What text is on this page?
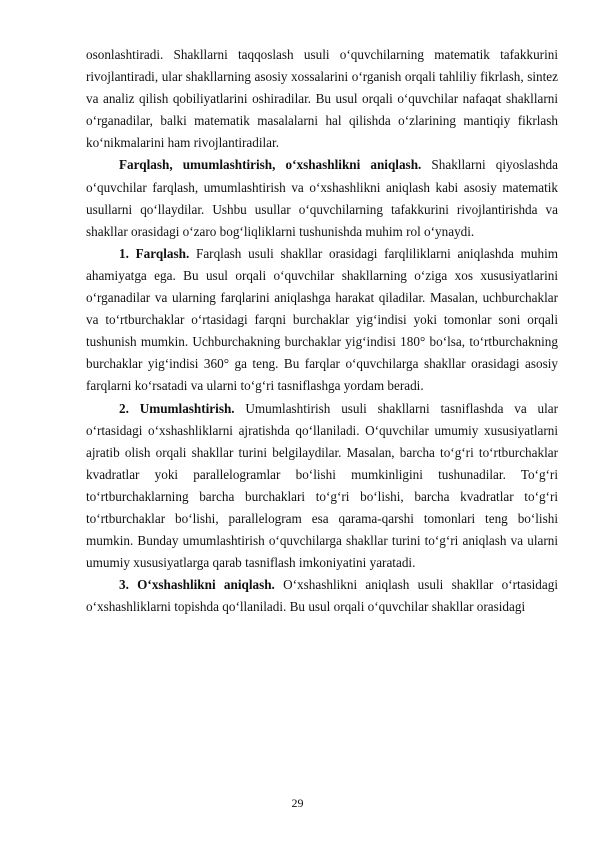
osonlashtiradi. Shakllarni taqqoslash usuli o‘quvchilarning matematik tafakkurini rivojlantiradi, ular shakllarning asosiy xossalarini o‘rganish orqali tahliliy fikrlash, sintez va analiz qilish qobiliyatlarini oshiradilar. Bu usul orqali o‘quvchilar nafaqat shakllarni o‘rganadilar, balki matematik masalalarni hal qilishda o‘zlarining mantiqiy fikrlash ko‘nikmalarini ham rivojlantiradilar.

Farqlash, umumlashtirish, o‘xshashlikni aniqlash. Shakllarni qiyoslashda o‘quvchilar farqlash, umumlashtirish va o‘xshashlikni aniqlash kabi asosiy matematik usullarni qo‘llaydilar. Ushbu usullar o‘quvchilarning tafakkurini rivojlantirishda va shakllar orasidagi o‘zaro bog‘liqliklarni tushunishda muhim rol o‘ynaydi.

1. Farqlash. Farqlash usuli shakllar orasidagi farqliliklarni aniqlashda muhim ahamiyatga ega. Bu usul orqali o‘quvchilar shakllarning o‘ziga xos xususiyatlarini o‘rganadilar va ularning farqlarini aniqlashga harakat qiladilar. Masalan, uchburchaklar va to‘rtburchaklar o‘rtasidagi farqni burchaklar yig‘indisi yoki tomonlar soni orqali tushunish mumkin. Uchburchakning burchaklar yig‘indisi 180° bo‘lsa, to‘rtburchakning burchaklar yig‘indisi 360° ga teng. Bu farqlar o‘quvchilarga shakllar orasidagi asosiy farqlarni ko‘rsatadi va ularni to‘g‘ri tasniflashga yordam beradi.

2. Umumlashtirish. Umumlashtirish usuli shakllarni tasniflashda va ular o‘rtasidagi o‘xshashliklarni ajratishda qo‘llaniladi. O‘quvchilar umumiy xususiyatlarni ajratib olish orqali shakllar turini belgilaydilar. Masalan, barcha to‘g‘ri to‘rtburchaklar kvadratlar yoki parallelogramlar bo‘lishi mumkinligini tushunadilar. To‘g‘ri to‘rtburchaklarning barcha burchaklari to‘g‘ri bo‘lishi, barcha kvadratlar to‘g‘ri to‘rtburchaklar bo‘lishi, parallelogram esa qarama-qarshi tomonlari teng bo‘lishi mumkin. Bunday umumlashtirish o‘quvchilarga shakllar turini to‘g‘ri aniqlash va ularni umumiy xususiyatlarga qarab tasniflash imkoniyatini yaratadi.

3. O‘xshashlikni aniqlash. O‘xshashlikni aniqlash usuli shakllar o‘rtasidagi o‘xshashliklarni topishda qo‘llaniladi. Bu usul orqali o‘quvchilar shakllar orasidagi

29
